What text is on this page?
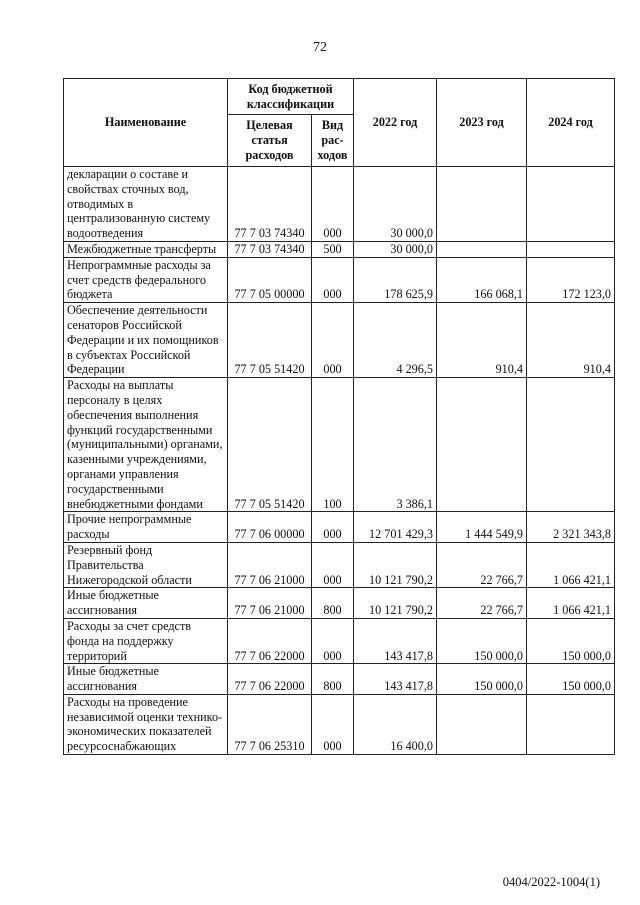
72
Наименование	Код бюджетной классификации		2022 год	2023 год	2024 год
	Целевая статья расходов	Вид рас-ходов			
декларации о составе и свойствах сточных вод, отводимых в централизованную систему водоотведения	77 7 03 74340	000	30 000,0		
Межбюджетные трансферты	77 7 03 74340	500	30 000,0		
Непрограммные расходы за счет средств федерального бюджета	77 7 05 00000	000	178 625,9	166 068,1	172 123,0
Обеспечение деятельности сенаторов Российской Федерации и их помощников в субъектах Российской Федерации	77 7 05 51420	000	4 296,5	910,4	910,4
Расходы на выплаты персоналу в целях обеспечения выполнения функций государственными (муниципальными) органами, казенными учреждениями, органами управления государственными внебюджетными фондами	77 7 05 51420	100	3 386,1		
Прочие непрограммные расходы	77 7 06 00000	000	12 701 429,3	1 444 549,9	2 321 343,8
Резервный фонд Правительства Нижегородской области	77 7 06 21000	000	10 121 790,2	22 766,7	1 066 421,1
Иные бюджетные ассигнования	77 7 06 21000	800	10 121 790,2	22 766,7	1 066 421,1
Расходы за счет средств фонда на поддержку территорий	77 7 06 22000	000	143 417,8	150 000,0	150 000,0
Иные бюджетные ассигнования	77 7 06 22000	800	143 417,8	150 000,0	150 000,0
Расходы на проведение независимой оценки технико-экономических показателей ресурсоснабжающих	77 7 06 25310	000	16 400,0		
0404/2022-1004(1)
